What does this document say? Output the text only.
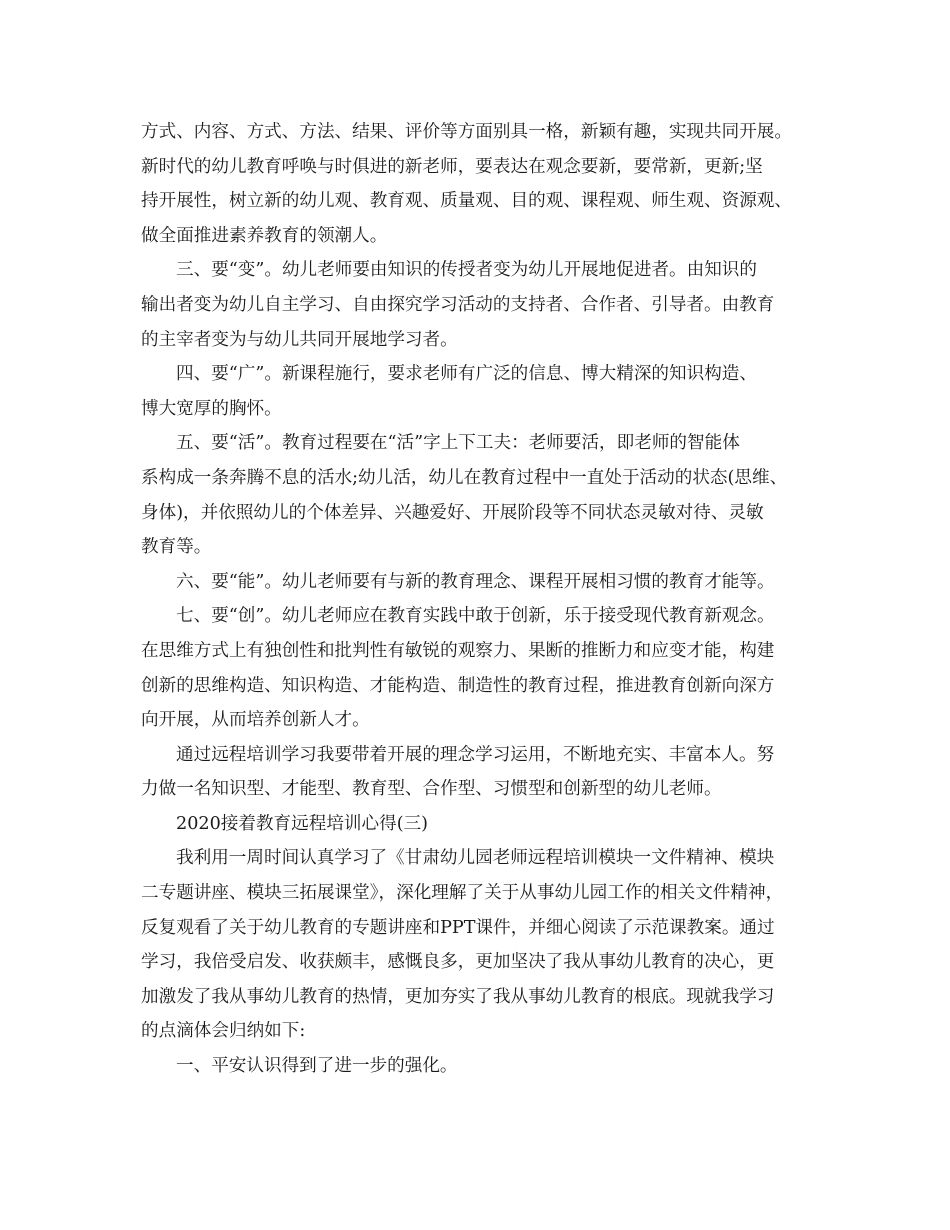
方式、内容、方式、方法、结果、评价等方面别具一格，新颖有趣，实现共同开展。
新时代的幼儿教育呼唤与时俱进的新老师，要表达在观念要新，要常新，更新;坚
持开展性，树立新的幼儿观、教育观、质量观、目的观、课程观、师生观、资源观、
做全面推进素养教育的领潮人。
三、要“变”。幼儿老师要由知识的传授者变为幼儿开展地促进者。由知识的
输出者变为幼儿自主学习、自由探究学习活动的支持者、合作者、引导者。由教育
的主宰者变为与幼儿共同开展地学习者。
四、要“广”。新课程施行，要求老师有广泛的信息、博大精深的知识构造、
博大宽厚的胸怀。
五、要“活”。教育过程要在“活”字上下工夫：老师要活，即老师的智能体
系构成一条奔腾不息的活水;幼儿活，幼儿在教育过程中一直处于活动的状态(思维、
身体)，并依照幼儿的个体差异、兴趣爱好、开展阶段等不同状态灵敏对待、灵敏
教育等。
六、要“能”。幼儿老师要有与新的教育理念、课程开展相习惯的教育才能等。
七、要“创”。幼儿老师应在教育实践中敢于创新，乐于接受现代教育新观念。
在思维方式上有独创性和批判性有敏锐的观察力、果断的推断力和应变才能，构建
创新的思维构造、知识构造、才能构造、制造性的教育过程，推进教育创新向深方
向开展，从而培养创新人才。
通过远程培训学习我要带着开展的理念学习运用，不断地充实、丰富本人。努
力做一名知识型、才能型、教育型、合作型、习惯型和创新型的幼儿老师。
2020接着教育远程培训心得(三)
我利用一周时间认真学习了《甘肃幼儿园老师远程培训模块一文件精神、模块
二专题讲座、模块三拓展课堂》，深化理解了关于从事幼儿园工作的相关文件精神，
反复观看了关于幼儿教育的专题讲座和PPT课件，并细心阅读了示范课教案。通过
学习，我倍受启发、收获颇丰，感慨良多，更加坚决了我从事幼儿教育的决心，更
加激发了我从事幼儿教育的热情，更加夯实了我从事幼儿教育的根底。现就我学习
的点滴体会归纳如下:
一、平安认识得到了进一步的强化。
